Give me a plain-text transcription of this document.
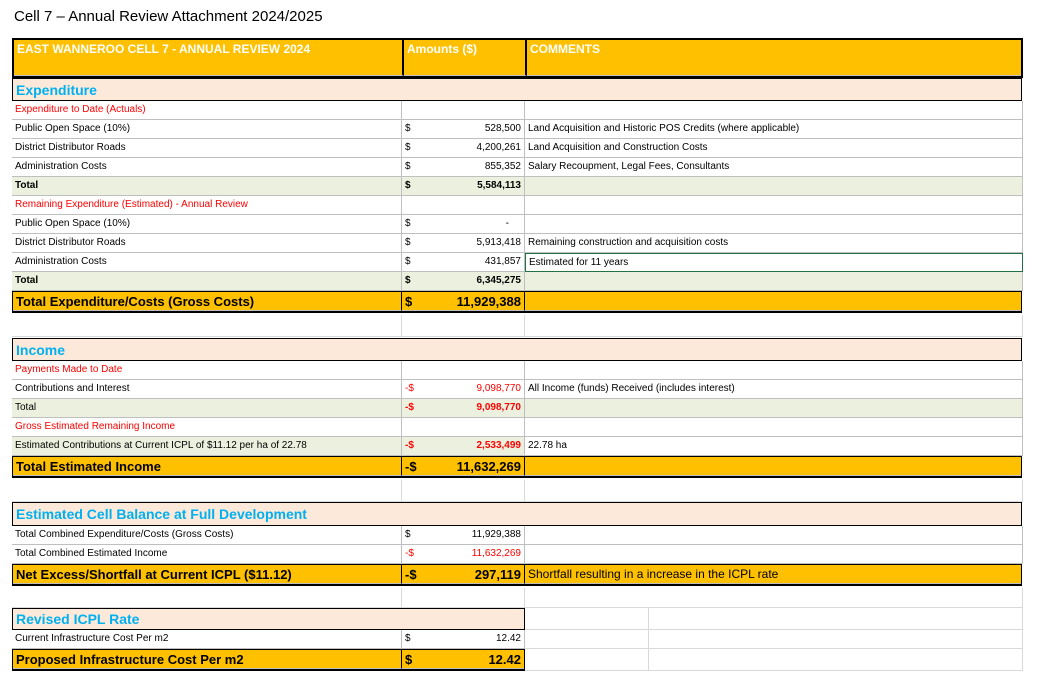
Cell 7 – Annual Review Attachment 2024/2025
EAST WANNEROO CELL 7 - ANNUAL REVIEW 2024	Amounts ($)	COMMENTS
Expenditure
Expenditure to Date (Actuals)
Public Open Space (10%)	$	528,500 Land Acquisition and Historic POS Credits (where applicable)
District Distributor Roads	$	4,200,261 Land Acquisition and Construction Costs
Administration Costs	$	855,352 Salary Recoupment, Legal Fees, Consultants
Total	$	5,584,113
Remaining Expenditure (Estimated) - Annual Review
Public Open Space (10%)	$	-
District Distributor Roads	$	5,913,418 Remaining construction and acquisition costs
Administration Costs	$	431,857 Estimated for 11 years
Total	$	6,345,275
Total Expenditure/Costs (Gross Costs)	$	11,929,388
Income
Payments Made to Date
Contributions and Interest	-$	9,098,770 All Income (funds) Received (includes interest)
Total	-$	9,098,770
Gross Estimated Remaining Income
Estimated Contributions at Current ICPL of $11.12 per ha of 22.78	-$	2,533,499 22.78 ha
Total Estimated Income	-$	11,632,269
Estimated Cell Balance at Full Development
Total Combined Expenditure/Costs (Gross Costs)	$	11,929,388
Total Combined Estimated Income	-$	11,632,269
Net Excess/Shortfall at Current ICPL ($11.12)	-$	297,119 Shortfall resulting in a increase in the ICPL rate
Revised ICPL Rate
Current Infrastructure Cost Per m2	$	12.42
Proposed Infrastructure Cost Per m2	$	12.42
